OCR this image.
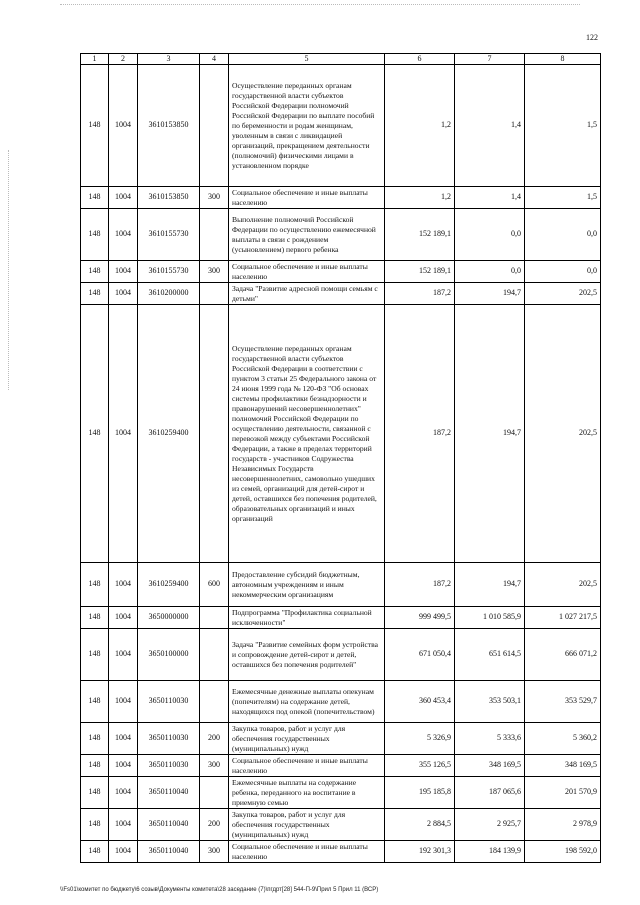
122
1	2	3	4	5	6	7	8
148	1004	3610153850		Осуществление переданных органам государственной власти субъектов Российской Федерации полномочий Российской Федерации по выплате пособий по беременности и родам женщинам, уволенным в связи с ликвидацией организаций, прекращением деятельности (полномочий) физическими лицами в установленном порядке	1,2	1,4	1,5
148	1004	3610153850	300	Социальное обеспечение и иные выплаты населению	1,2	1,4	1,5
148	1004	3610155730		Выполнение полномочий Российской Федерации по осуществлению ежемесячной выплаты в связи с рождением (усыновлением) первого ребенка	152 189,1	0,0	0,0
148	1004	3610155730	300	Социальное обеспечение и иные выплаты населению	152 189,1	0,0	0,0
148	1004	3610200000		Задача "Развитие адресной помощи семьям с детьми"	187,2	194,7	202,5
148	1004	3610259400		Осуществление переданных органам государственной власти субъектов Российской Федерации в соответствии с пунктом 3 статьи 25 Федерального закона от 24 июня 1999 года № 120-ФЗ "Об основах системы профилактики безнадзорности и правонарушений несовершеннолетних" полномочий Российской Федерации по осуществлению деятельности, связанной с перевозкой между субъектами Российской Федерации, а также в пределах территорий государств - участников Содружества Независимых Государств несовершеннолетних, самовольно ушедших из семей, организаций для детей-сирот и детей, оставшихся без попечения родителей, образовательных организаций и иных организаций	187,2	194,7	202,5
148	1004	3610259400	600	Предоставление субсидий бюджетным, автономным учреждениям и иным некоммерческим организациям	187,2	194,7	202,5
148	1004	3650000000		Подпрограмма "Профилактика социальной исключенности"	999 499,5	1 010 585,9	1 027 217,5
148	1004	3650100000		Задача "Развитие семейных форм устройства и сопровождение детей-сирот и детей, оставшихся без попечения родителей"	671 050,4	651 614,5	666 071,2
148	1004	3650110030		Ежемесячные денежные выплаты опекунам (попечителям) на содержание детей, находящихся под опекой (попечительством)	360 453,4	353 503,1	353 529,7
148	1004	3650110030	200	Закупка товаров, работ и услуг для обеспечения государственных (муниципальных) нужд	5 326,9	5 333,6	5 360,2
148	1004	3650110030	300	Социальное обеспечение и иные выплаты населению	355 126,5	348 169,5	348 169,5
148	1004	3650110040		Ежемесячные выплаты на содержание ребенка, переданного на воспитание в приемную семью	195 185,8	187 065,6	201 570,9
148	1004	3650110040	200	Закупка товаров, работ и услуг для обеспечения государственных (муниципальных) нужд	2 884,5	2 925,7	2 978,9
148	1004	3650110040	300	Социальное обеспечение и иные выплаты населению	192 301,3	184 139,9	198 592,0
\\Fs01\комитет по бюджету\6 созыв\Документы комитета\28 заседание (7)\пгдрт[28] 544-П-9\Прил 5 Прил 11 (ВСР)
